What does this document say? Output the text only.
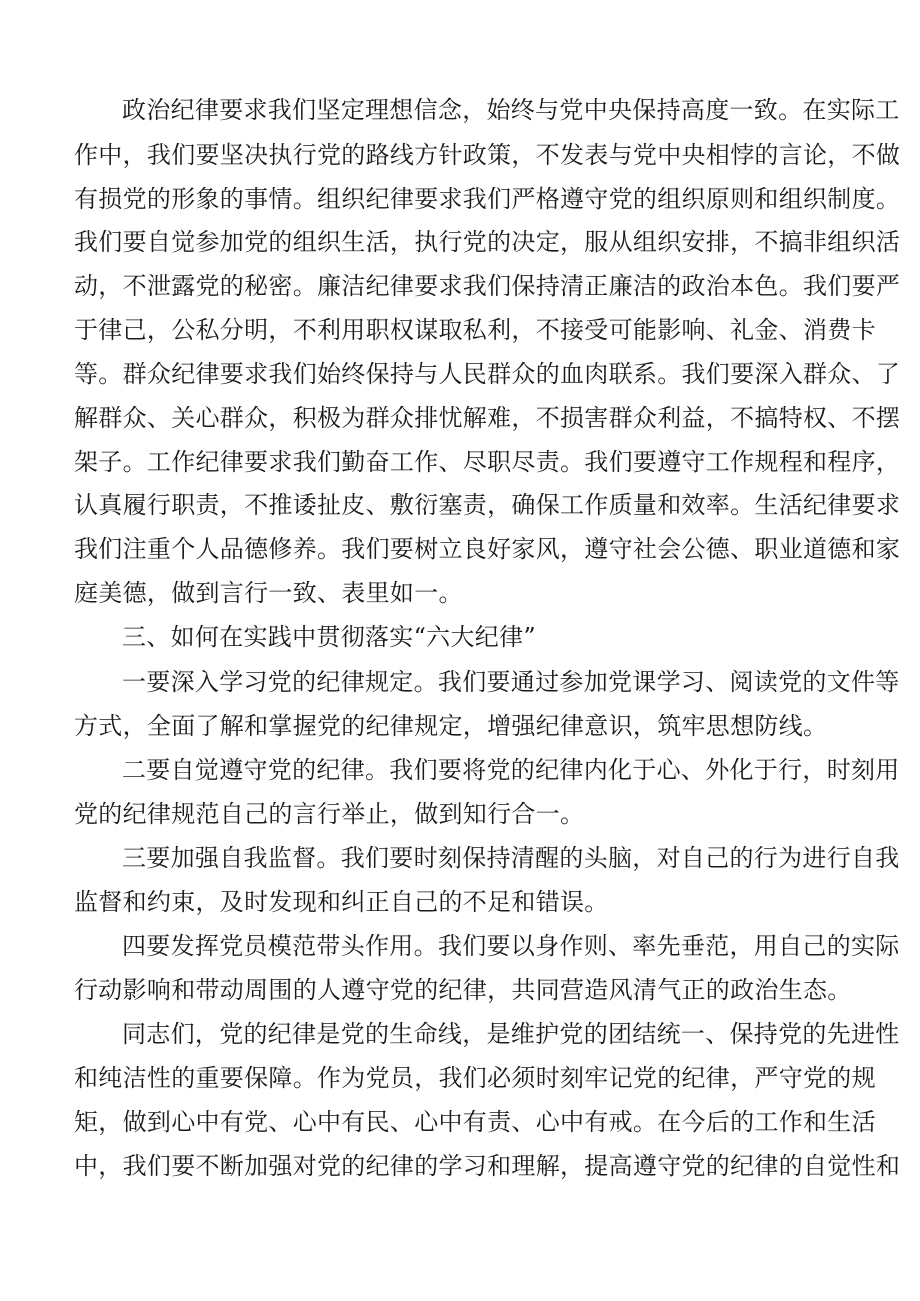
政治纪律要求我们坚定理想信念，始终与党中央保持高度一致。在实际工
作中，我们要坚决执行党的路线方针政策，不发表与党中央相悖的言论，不做
有损党的形象的事情。组织纪律要求我们严格遵守党的组织原则和组织制度。
我们要自觉参加党的组织生活，执行党的决定，服从组织安排，不搞非组织活
动，不泄露党的秘密。廉洁纪律要求我们保持清正廉洁的政治本色。我们要严
于律己，公私分明，不利用职权谋取私利，不接受可能影响、礼金、消费卡
等。群众纪律要求我们始终保持与人民群众的血肉联系。我们要深入群众、了
解群众、关心群众，积极为群众排忧解难，不损害群众利益，不搞特权、不摆
架子。工作纪律要求我们勤奋工作、尽职尽责。我们要遵守工作规程和程序，
认真履行职责，不推诿扯皮、敷衍塞责，确保工作质量和效率。生活纪律要求
我们注重个人品德修养。我们要树立良好家风，遵守社会公德、职业道德和家
庭美德，做到言行一致、表里如一。
三、如何在实践中贯彻落实“六大纪律”
一要深入学习党的纪律规定。我们要通过参加党课学习、阅读党的文件等
方式，全面了解和掌握党的纪律规定，增强纪律意识，筑牢思想防线。
二要自觉遵守党的纪律。我们要将党的纪律内化于心、外化于行，时刻用
党的纪律规范自己的言行举止，做到知行合一。
三要加强自我监督。我们要时刻保持清醒的头脑，对自己的行为进行自我
监督和约束，及时发现和纠正自己的不足和错误。
四要发挥党员模范带头作用。我们要以身作则、率先垂范，用自己的实际
行动影响和带动周围的人遵守党的纪律，共同营造风清气正的政治生态。
同志们，党的纪律是党的生命线，是维护党的团结统一、保持党的先进性
和纯洁性的重要保障。作为党员，我们必须时刻牢记党的纪律，严守党的规
矩，做到心中有党、心中有民、心中有责、心中有戒。在今后的工作和生活
中，我们要不断加强对党的纪律的学习和理解，提高遵守党的纪律的自觉性和
